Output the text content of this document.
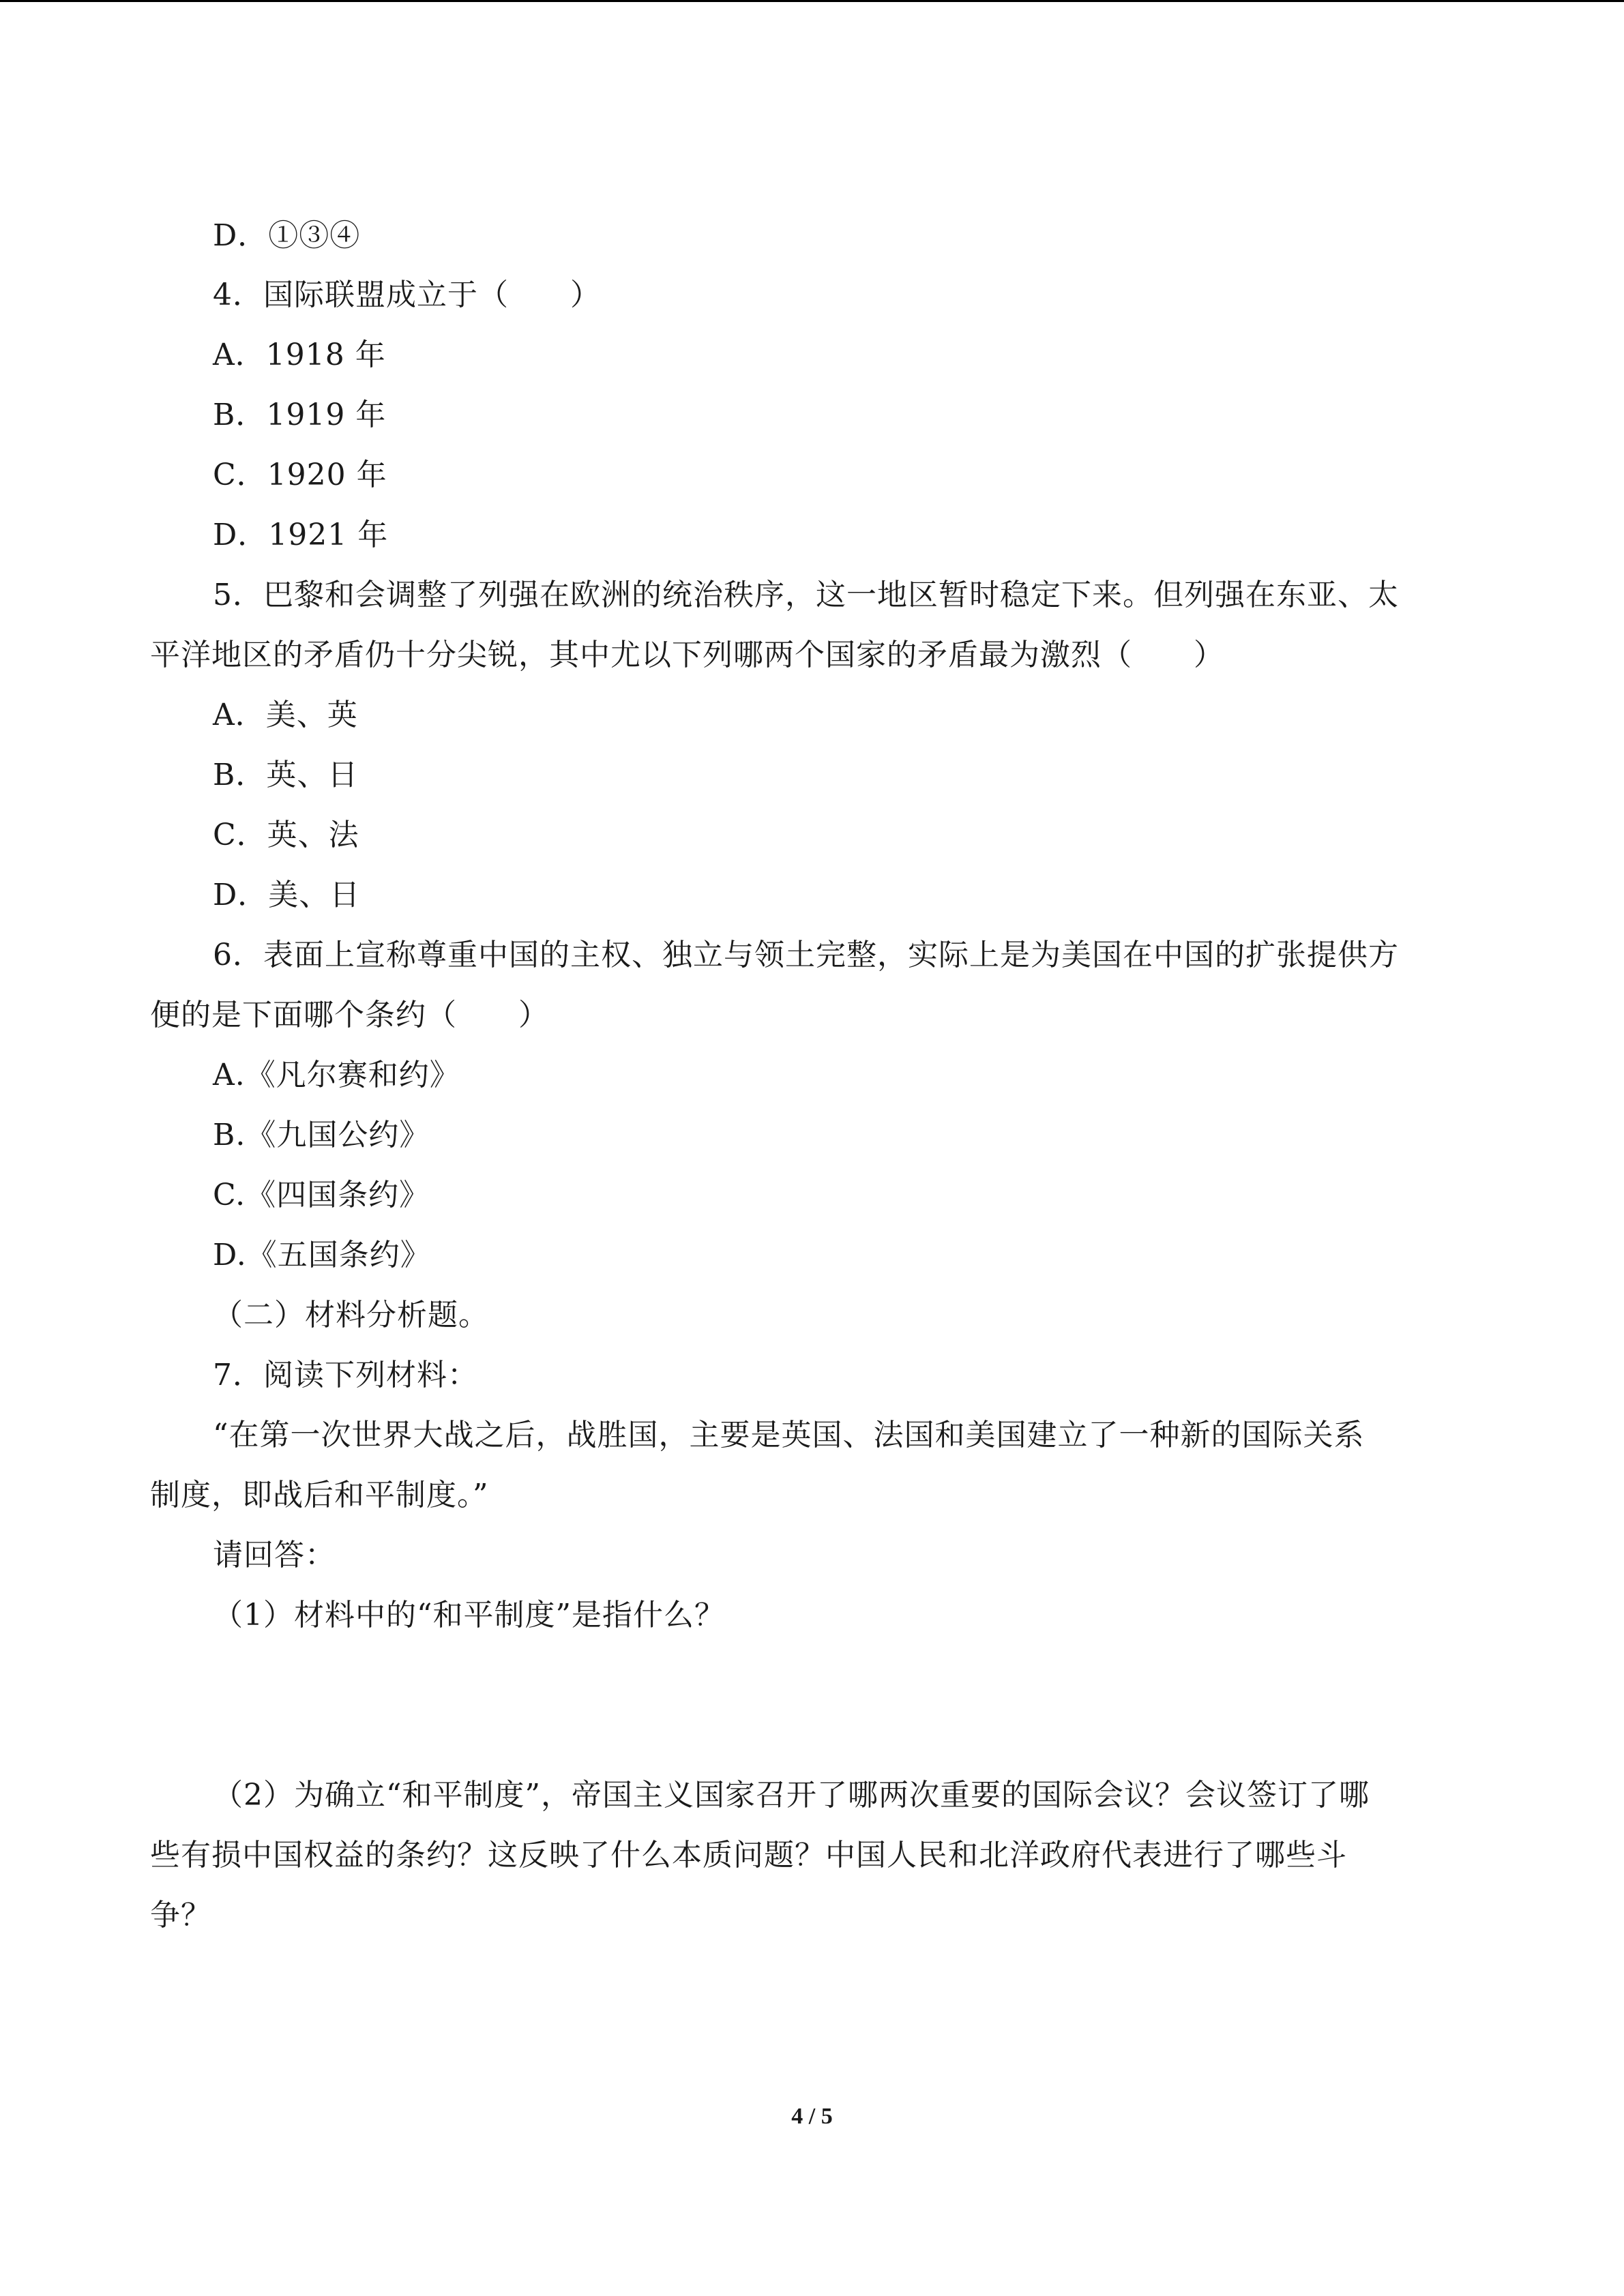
D．①③④
4．国际联盟成立于（　　）
A．1918 年
B．1919 年
C．1920 年
D．1921 年
5．巴黎和会调整了列强在欧洲的统治秩序，这一地区暂时稳定下来。但列强在东亚、太
平洋地区的矛盾仍十分尖锐，其中尤以下列哪两个国家的矛盾最为激烈（　　）
A．美、英
B．英、日
C．英、法
D．美、日
6．表面上宣称尊重中国的主权、独立与领土完整，实际上是为美国在中国的扩张提供方
便的是下面哪个条约（　　）
A.《凡尔赛和约》
B.《九国公约》
C.《四国条约》
D.《五国条约》
（二）材料分析题。
7．阅读下列材料：
“在第一次世界大战之后，战胜国，主要是英国、法国和美国建立了一种新的国际关系
制度，即战后和平制度。”
请回答：
（1）材料中的“和平制度”是指什么？
（2）为确立“和平制度”，帝国主义国家召开了哪两次重要的国际会议？会议签订了哪
些有损中国权益的条约？这反映了什么本质问题？中国人民和北洋政府代表进行了哪些斗
争？
4 / 5
